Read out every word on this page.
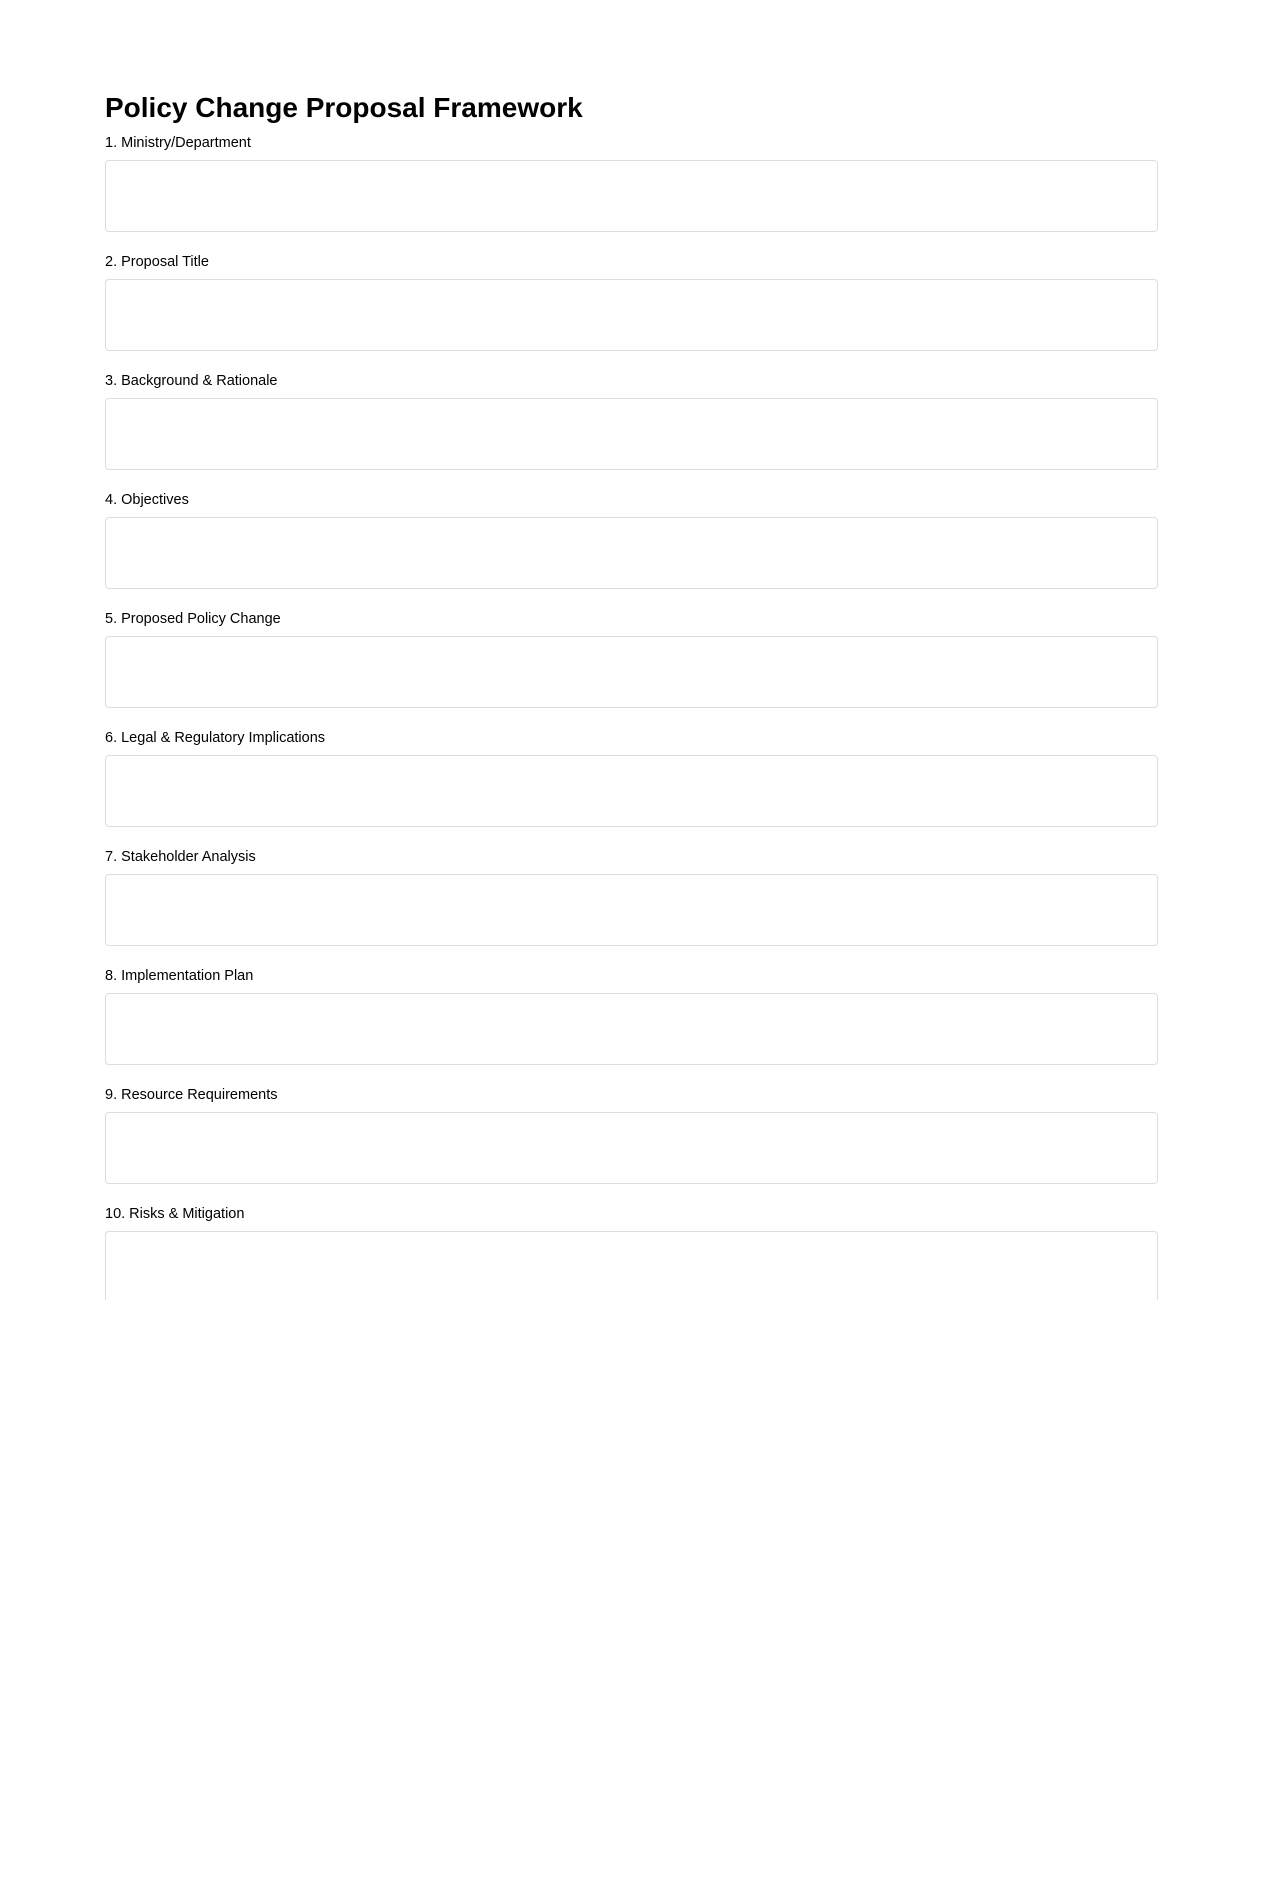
Policy Change Proposal Framework
1. Ministry/Department
2. Proposal Title
3. Background & Rationale
4. Objectives
5. Proposed Policy Change
6. Legal & Regulatory Implications
7. Stakeholder Analysis
8. Implementation Plan
9. Resource Requirements
10. Risks & Mitigation
